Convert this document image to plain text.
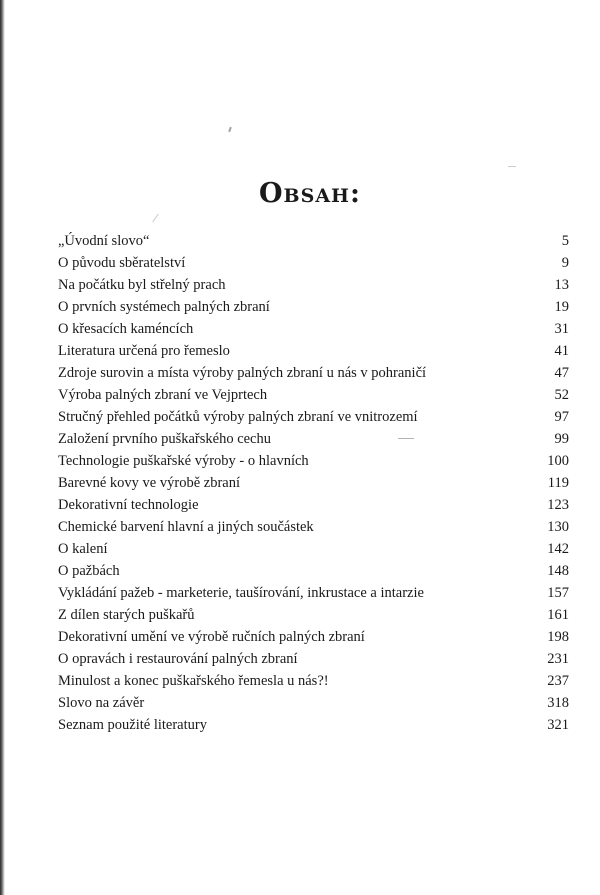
Obsah:
„Úvodní slovo“	5
O původu sběratelství	9
Na počátku byl střelný prach	13
O prvních systémech palných zbraní	19
O křesacích kaméncích	31
Literatura určená pro řemeslo	41
Zdroje surovin a místa výroby palných zbraní u nás v pohraničí	47
Výroba palných zbraní ve Vejprtech	52
Stručný přehled počátků výroby palných zbraní ve vnitrozemí	97
Založení prvního puškařského cechu	99
Technologie puškařské výroby - o hlavních	100
Barevné kovy ve výrobě zbraní	119
Dekorativní technologie	123
Chemické barvení hlavní a jiných součástek	130
O kalení	142
O pažbách	148
Vykládání pažeb - marketerie, taušírování, inkrustace a intarzie	157
Z dílen starých puškařů	161
Dekorativní umění ve výrobě ručních palných zbraní	198
O opravách i restaurování palných zbraní	231
Minulost a konec puškařského řemesla u nás?!	237
Slovo na závěr	318
Seznam použité literatury	321
